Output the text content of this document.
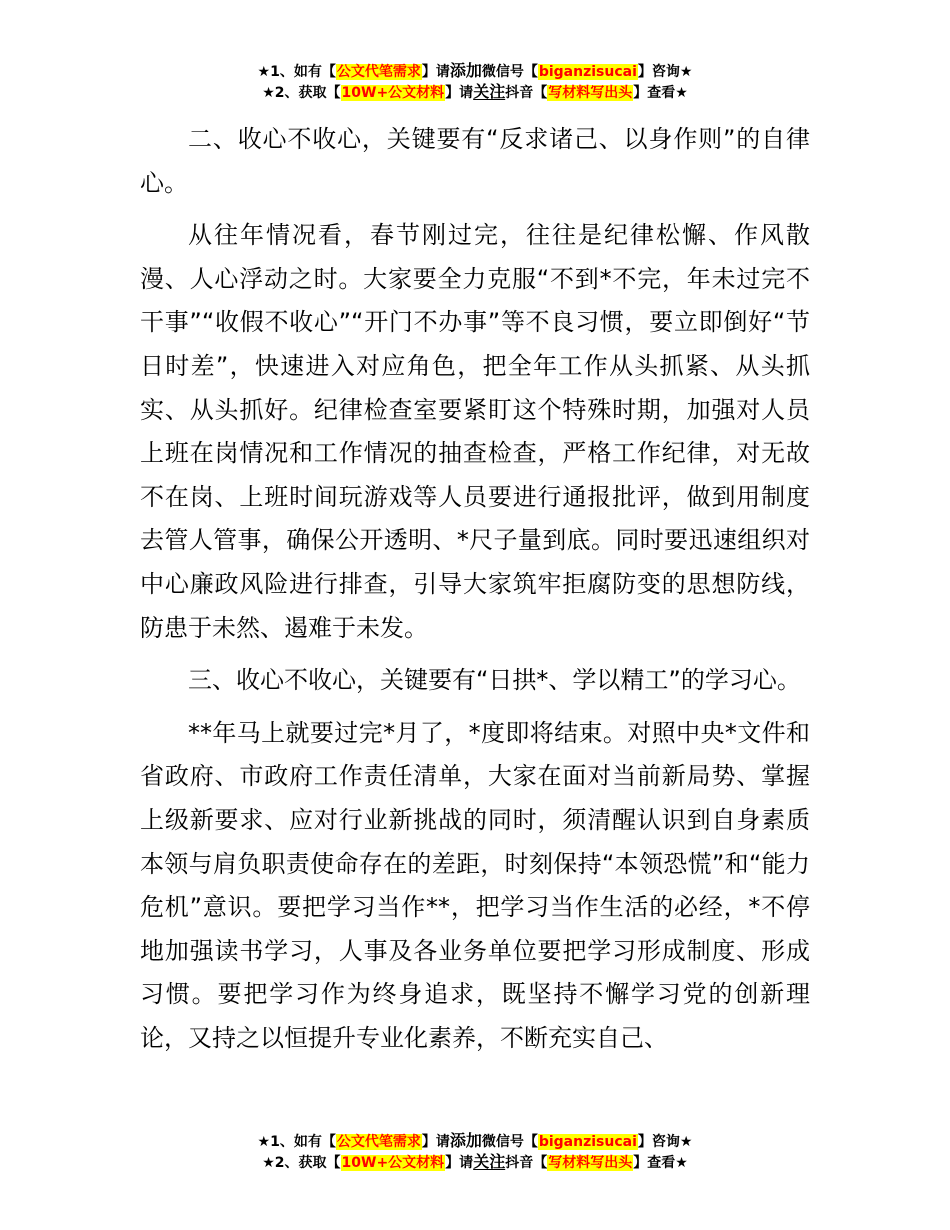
★1、如有【公文代笔需求】请添加微信号【biganzisucai】咨询★
★2、获取【10W+公文材料】请关注抖音【写材料写出头】查看★

二、收心不收心，关键要有“反求诸己、以身作则”的自律心。

从往年情况看，春节刚过完，往往是纪律松懈、作风散漫、人心浮动之时。大家要全力克服“不到*不完，年未过完不干事”“收假不收心”“开门不办事”等不良习惯，要立即倒好“节日时差”，快速进入对应角色，把全年工作从头抓紧、从头抓实、从头抓好。纪律检查室要紧盯这个特殊时期，加强对人员上班在岗情况和工作情况的抽查检查，严格工作纪律，对无故不在岗、上班时间玩游戏等人员要进行通报批评，做到用制度去管人管事，确保公开透明、*尺子量到底。同时要迅速组织对中心廉政风险进行排查，引导大家筑牢拒腐防变的思想防线，防患于未然、遏难于未发。

三、收心不收心，关键要有“日拱*、学以精工”的学习心。

**年马上就要过完*月了，*度即将结束。对照中央*文件和省政府、市政府工作责任清单，大家在面对当前新局势、掌握上级新要求、应对行业新挑战的同时，须清醒认识到自身素质本领与肩负职责使命存在的差距，时刻保持“本领恐慌”和“能力危机”意识。要把学习当作**，把学习当作生活的必经，*不停地加强读书学习，人事及各业务单位要把学习形成制度、形成习惯。要把学习作为终身追求，既坚持不懈学习党的创新理论，又持之以恒提升专业化素养，不断充实自己、

★1、如有【公文代笔需求】请添加微信号【biganzisucai】咨询★
★2、获取【10W+公文材料】请关注抖音【写材料写出头】查看★
